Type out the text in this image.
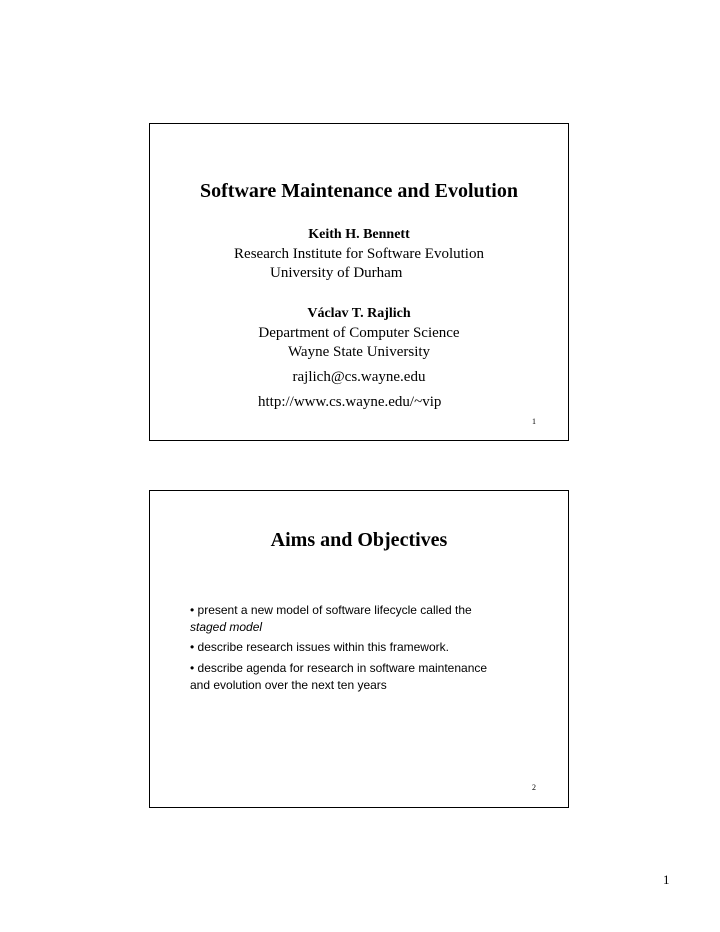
Software Maintenance and Evolution
Keith H. Bennett
Research Institute for Software Evolution
University of Durham
Václav T. Rajlich
Department of Computer Science
Wayne State University
rajlich@cs.wayne.edu
http://www.cs.wayne.edu/~vip
1
Aims and Objectives
• present a new model of software lifecycle called the
staged model
• describe research issues within this framework.
• describe agenda for research in software maintenance
and evolution over the next ten years
2
1
